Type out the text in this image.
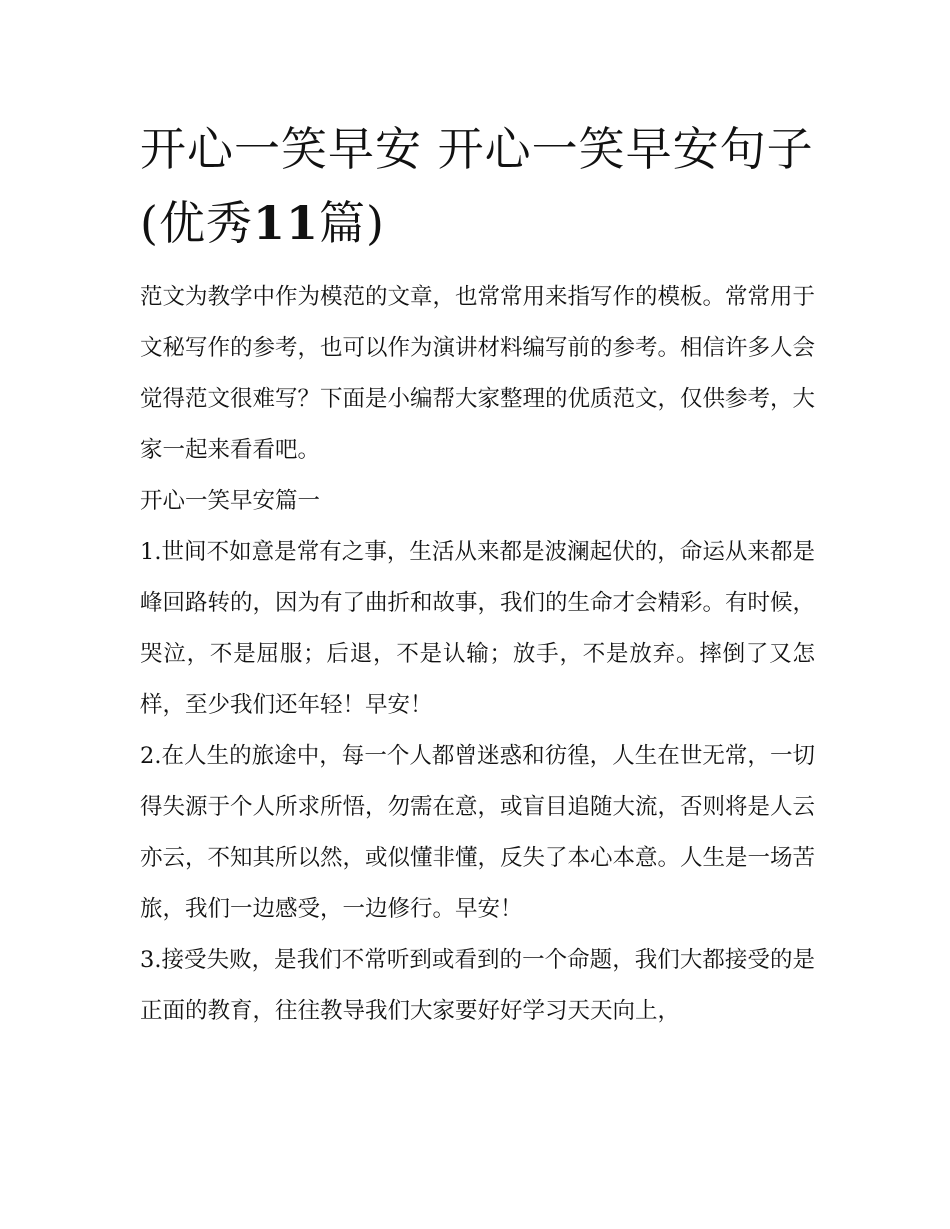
开心一笑早安 开心一笑早安句子(优秀11篇)

范文为教学中作为模范的文章，也常常用来指写作的模板。常常用于文秘写作的参考，也可以作为演讲材料编写前的参考。相信许多人会觉得范文很难写？下面是小编帮大家整理的优质范文，仅供参考，大家一起来看看吧。

开心一笑早安篇一

1.世间不如意是常有之事，生活从来都是波澜起伏的，命运从来都是峰回路转的，因为有了曲折和故事，我们的生命才会精彩。有时候，哭泣，不是屈服；后退，不是认输；放手，不是放弃。摔倒了又怎样，至少我们还年轻！早安！

2.在人生的旅途中，每一个人都曾迷惑和彷徨，人生在世无常，一切得失源于个人所求所悟，勿需在意，或盲目追随大流，否则将是人云亦云，不知其所以然，或似懂非懂，反失了本心本意。人生是一场苦旅，我们一边感受，一边修行。早安！

3.接受失败，是我们不常听到或看到的一个命题，我们大都接受的是正面的教育，往往教导我们大家要好好学习天天向上，
